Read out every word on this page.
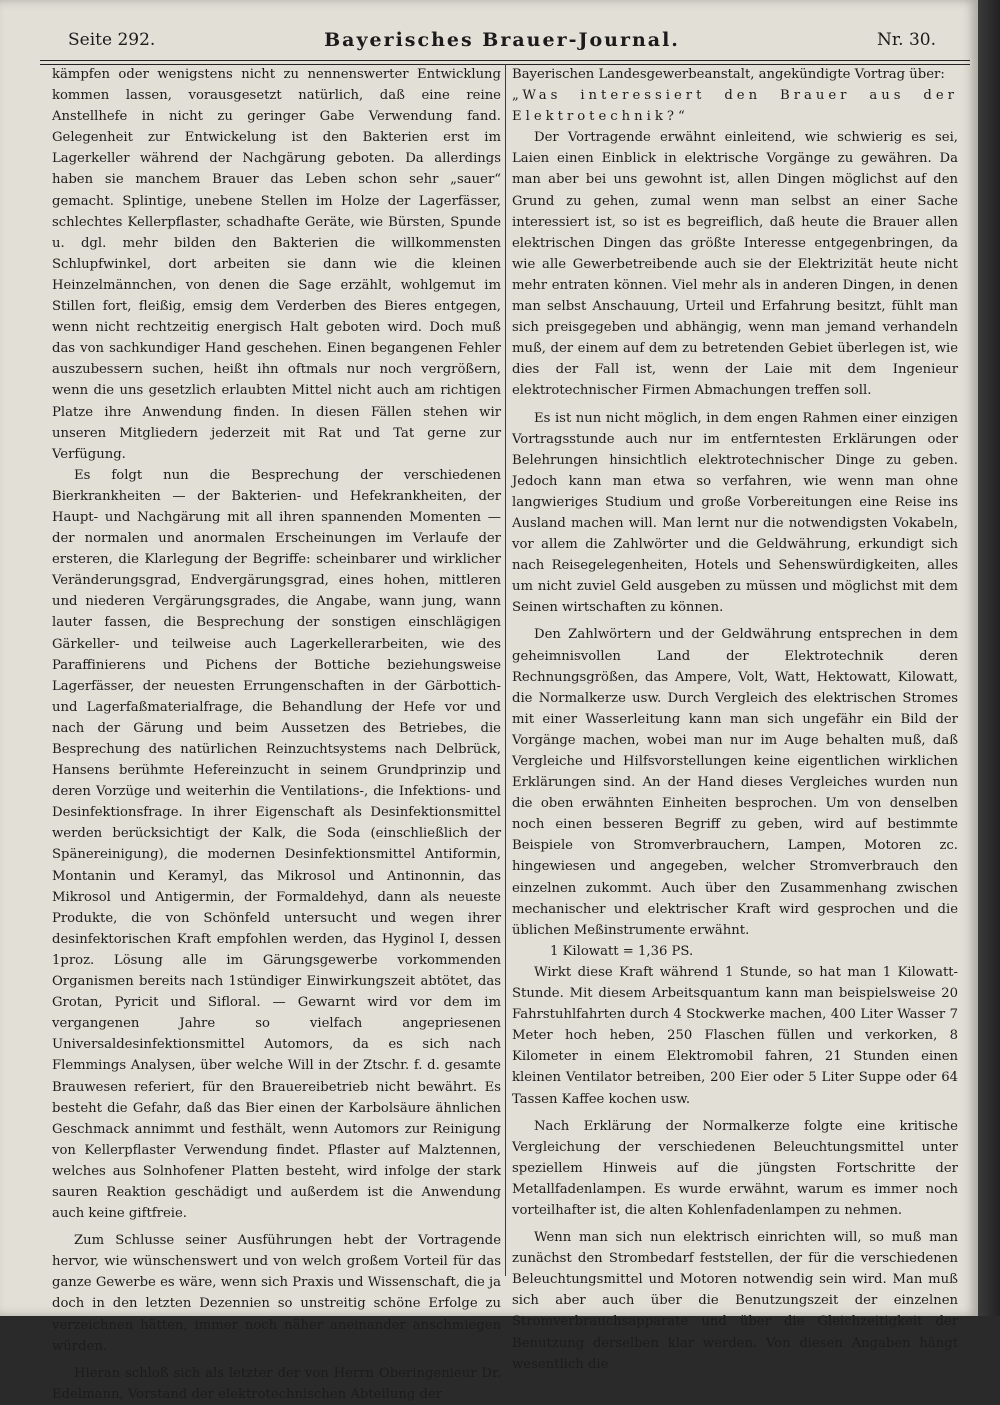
Seite 292.	Bayerisches Brauer-Journal.	Nr. 30.

kämpfen oder wenigstens nicht zu nennenswerter Entwicklung kommen lassen, vorausgesetzt natürlich, daß eine reine Anstellhefe in nicht zu geringer Gabe Verwendung fand. Gelegenheit zur Entwickelung ist den Bakterien erst im Lagerkeller während der Nachgärung geboten. Da allerdings haben sie manchem Brauer das Leben schon sehr „sauer“ gemacht. Splintige, unebene Stellen im Holze der Lagerfässer, schlechtes Kellerpflaster, schadhafte Geräte, wie Bürsten, Spunde u. dgl. mehr bilden den Bakterien die willkommensten Schlupfwinkel, dort arbeiten sie dann wie die kleinen Heinzelmännchen, von denen die Sage erzählt, wohlgemut im Stillen fort, fleißig, emsig dem Verderben des Bieres entgegen, wenn nicht rechtzeitig energisch Halt geboten wird. Doch muß das von sachkundiger Hand geschehen. Einen begangenen Fehler auszubessern suchen, heißt ihn oftmals nur noch vergrößern, wenn die uns gesetzlich erlaubten Mittel nicht auch am richtigen Platze ihre Anwendung finden. In diesen Fällen stehen wir unseren Mitgliedern jederzeit mit Rat und Tat gerne zur Verfügung.

Es folgt nun die Besprechung der verschiedenen Bierkrankheiten — der Bakterien- und Hefekrankheiten, der Haupt- und Nachgärung mit all ihren spannenden Momenten — der normalen und anormalen Erscheinungen im Verlaufe der ersteren, die Klarlegung der Begriffe: scheinbarer und wirklicher Veränderungsgrad, Endvergärungsgrad, eines hohen, mittleren und niederen Vergärungsgrades, die Angabe, wann jung, wann lauter fassen, die Besprechung der sonstigen einschlägigen Gärkeller- und teilweise auch Lagerkellerarbeiten, wie des Paraffinierens und Pichens der Bottiche beziehungsweise Lagerfässer, der neuesten Errungenschaften in der Gärbottich- und Lagerfaßmaterialfrage, die Behandlung der Hefe vor und nach der Gärung und beim Aussetzen des Betriebes, die Besprechung des natürlichen Reinzuchtsystems nach Delbrück, Hansens berühmte Hefereinzucht in seinem Grundprinzip und deren Vorzüge und weiterhin die Ventilations-, die Infektions- und Desinfektionsfrage. In ihrer Eigenschaft als Desinfektionsmittel werden berücksichtigt der Kalk, die Soda (einschließlich der Spänereinigung), die modernen Desinfektionsmittel Antiformin, Montanin und Keramyl, das Mikrosol und Antinonnin, das Mikrosol und Antigermin, der Formaldehyd, dann als neueste Produkte, die von Schönfeld untersucht und wegen ihrer desinfektorischen Kraft empfohlen werden, das Hyginol I, dessen 1proz. Lösung alle im Gärungsgewerbe vorkommenden Organismen bereits nach 1stündiger Einwirkungszeit abtötet, das Grotan, Pyricit und Sifloral. — Gewarnt wird vor dem im vergangenen Jahre so vielfach angepriesenen Universaldesinfektionsmittel Automors, da es sich nach Flemmings Analysen, über welche Will in der Ztschr. f. d. gesamte Brauwesen referiert, für den Brauereibetrieb nicht bewährt. Es besteht die Gefahr, daß das Bier einen der Karbolsäure ähnlichen Geschmack annimmt und festhält, wenn Automors zur Reinigung von Kellerpflaster Verwendung findet. Pflaster auf Malztennen, welches aus Solnhofener Platten besteht, wird infolge der stark sauren Reaktion geschädigt und außerdem ist die Anwendung auch keine giftfreie.

Zum Schlusse seiner Ausführungen hebt der Vortragende hervor, wie wünschenswert und von welch großem Vorteil für das ganze Gewerbe es wäre, wenn sich Praxis und Wissenschaft, die ja doch in den letzten Dezennien so unstreitig schöne Erfolge zu verzeichnen hätten, immer noch näher aneinander anschmiegen würden.

Hieran schloß sich als letzter der von Herrn Oberingenieur Dr. Edelmann, Vorstand der elektrotechnischen Abteilung der

Bayerischen Landesgewerbeanstalt, angekündigte Vortrag über:

„Was interessiert den Brauer aus der Elektrotechnik?“

Der Vortragende erwähnt einleitend, wie schwierig es sei, Laien einen Einblick in elektrische Vorgänge zu gewähren. Da man aber bei uns gewohnt ist, allen Dingen möglichst auf den Grund zu gehen, zumal wenn man selbst an einer Sache interessiert ist, so ist es begreiflich, daß heute die Brauer allen elektrischen Dingen das größte Interesse entgegenbringen, da wie alle Gewerbetreibende auch sie der Elektrizität heute nicht mehr entraten können. Viel mehr als in anderen Dingen, in denen man selbst Anschauung, Urteil und Erfahrung besitzt, fühlt man sich preisgegeben und abhängig, wenn man jemand verhandeln muß, der einem auf dem zu betretenden Gebiet überlegen ist, wie dies der Fall ist, wenn der Laie mit dem Ingenieur elektrotechnischer Firmen Abmachungen treffen soll.

Es ist nun nicht möglich, in dem engen Rahmen einer einzigen Vortragsstunde auch nur im entferntesten Erklärungen oder Belehrungen hinsichtlich elektrotechnischer Dinge zu geben. Jedoch kann man etwa so verfahren, wie wenn man ohne langwieriges Studium und große Vorbereitungen eine Reise ins Ausland machen will. Man lernt nur die notwendigsten Vokabeln, vor allem die Zahlwörter und die Geldwährung, erkundigt sich nach Reisegelegenheiten, Hotels und Sehenswürdigkeiten, alles um nicht zuviel Geld ausgeben zu müssen und möglichst mit dem Seinen wirtschaften zu können.

Den Zahlwörtern und der Geldwährung entsprechen in dem geheimnisvollen Land der Elektrotechnik deren Rechnungsgrößen, das Ampere, Volt, Watt, Hektowatt, Kilowatt, die Normalkerze usw. Durch Vergleich des elektrischen Stromes mit einer Wasserleitung kann man sich ungefähr ein Bild der Vorgänge machen, wobei man nur im Auge behalten muß, daß Vergleiche und Hilfsvorstellungen keine eigentlichen wirklichen Erklärungen sind. An der Hand dieses Vergleiches wurden nun die oben erwähnten Einheiten besprochen. Um von denselben noch einen besseren Begriff zu geben, wird auf bestimmte Beispiele von Stromverbrauchern, Lampen, Motoren zc. hingewiesen und angegeben, welcher Stromverbrauch den einzelnen zukommt. Auch über den Zusammenhang zwischen mechanischer und elektrischer Kraft wird gesprochen und die üblichen Meßinstrumente erwähnt.

1 Kilowatt = 1,36 PS.

Wirkt diese Kraft während 1 Stunde, so hat man 1 Kilowatt-Stunde. Mit diesem Arbeitsquantum kann man beispielsweise 20 Fahrstuhlfahrten durch 4 Stockwerke machen, 400 Liter Wasser 7 Meter hoch heben, 250 Flaschen füllen und verkorken, 8 Kilometer in einem Elektromobil fahren, 21 Stunden einen kleinen Ventilator betreiben, 200 Eier oder 5 Liter Suppe oder 64 Tassen Kaffee kochen usw.

Nach Erklärung der Normalkerze folgte eine kritische Vergleichung der verschiedenen Beleuchtungsmittel unter speziellem Hinweis auf die jüngsten Fortschritte der Metallfadenlampen. Es wurde erwähnt, warum es immer noch vorteilhafter ist, die alten Kohlenfadenlampen zu nehmen.

Wenn man sich nun elektrisch einrichten will, so muß man zunächst den Strombedarf feststellen, der für die verschiedenen Beleuchtungsmittel und Motoren notwendig sein wird. Man muß sich aber auch über die Benutzungszeit der einzelnen Stromverbrauchsapparate und über die Gleichzeitigkeit der Benutzung derselben klar werden. Von diesen Angaben hängt wesentlich die
